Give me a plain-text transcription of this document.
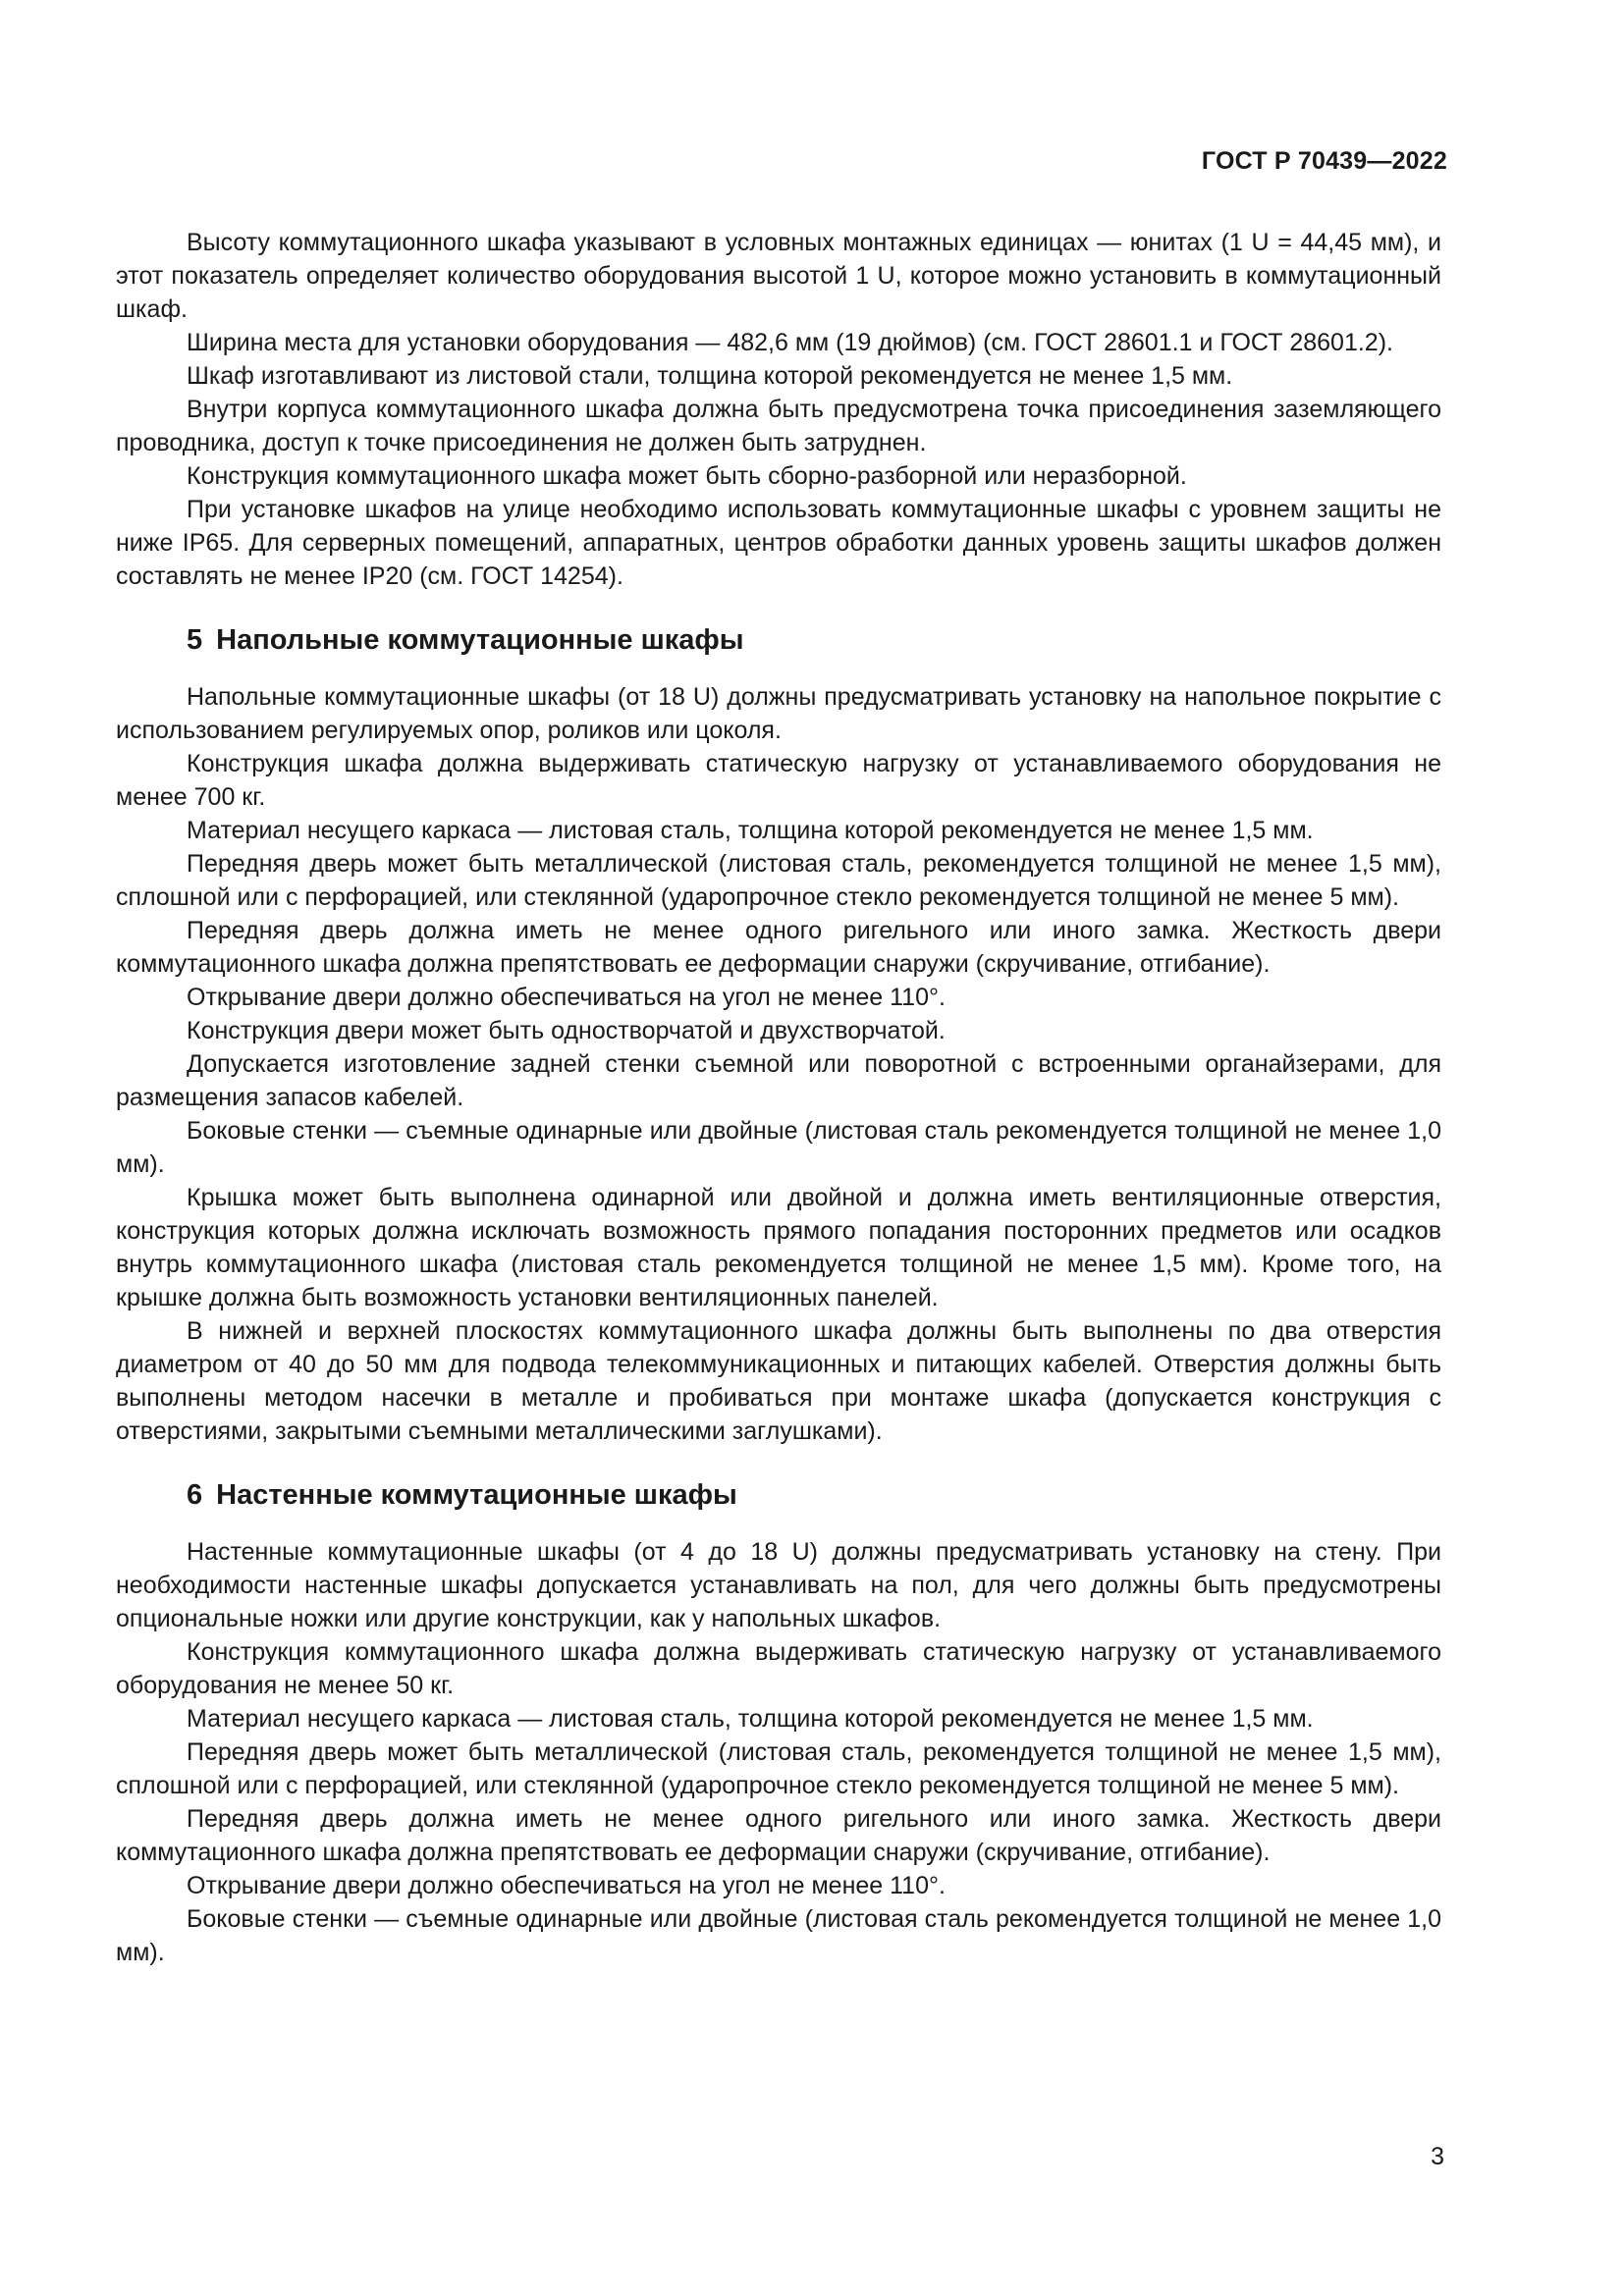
ГОСТ Р 70439—2022

Высоту коммутационного шкафа указывают в условных монтажных единицах — юнитах (1 U = 44,45 мм), и этот показатель определяет количество оборудования высотой 1 U, которое можно установить в коммутационный шкаф.

Ширина места для установки оборудования — 482,6 мм (19 дюймов) (см. ГОСТ 28601.1 и ГОСТ 28601.2).

Шкаф изготавливают из листовой стали, толщина которой рекомендуется не менее 1,5 мм.

Внутри корпуса коммутационного шкафа должна быть предусмотрена точка присоединения заземляющего проводника, доступ к точке присоединения не должен быть затруднен.

Конструкция коммутационного шкафа может быть сборно-разборной или неразборной.

При установке шкафов на улице необходимо использовать коммутационные шкафы с уровнем защиты не ниже IP65. Для серверных помещений, аппаратных, центров обработки данных уровень защиты шкафов должен составлять не менее IP20 (см. ГОСТ 14254).

5 Напольные коммутационные шкафы

Напольные коммутационные шкафы (от 18 U) должны предусматривать установку на напольное покрытие с использованием регулируемых опор, роликов или цоколя.

Конструкция шкафа должна выдерживать статическую нагрузку от устанавливаемого оборудования не менее 700 кг.

Материал несущего каркаса — листовая сталь, толщина которой рекомендуется не менее 1,5 мм.

Передняя дверь может быть металлической (листовая сталь, рекомендуется толщиной не менее 1,5 мм), сплошной или с перфорацией, или стеклянной (ударопрочное стекло рекомендуется толщиной не менее 5 мм).

Передняя дверь должна иметь не менее одного ригельного или иного замка. Жесткость двери коммутационного шкафа должна препятствовать ее деформации снаружи (скручивание, отгибание).

Открывание двери должно обеспечиваться на угол не менее 110°.

Конструкция двери может быть одностворчатой и двухстворчатой.

Допускается изготовление задней стенки съемной или поворотной с встроенными органайзерами, для размещения запасов кабелей.

Боковые стенки — съемные одинарные или двойные (листовая сталь рекомендуется толщиной не менее 1,0 мм).

Крышка может быть выполнена одинарной или двойной и должна иметь вентиляционные отверстия, конструкция которых должна исключать возможность прямого попадания посторонних предметов или осадков внутрь коммутационного шкафа (листовая сталь рекомендуется толщиной не менее 1,5 мм). Кроме того, на крышке должна быть возможность установки вентиляционных панелей.

В нижней и верхней плоскостях коммутационного шкафа должны быть выполнены по два отверстия диаметром от 40 до 50 мм для подвода телекоммуникационных и питающих кабелей. Отверстия должны быть выполнены методом насечки в металле и пробиваться при монтаже шкафа (допускается конструкция с отверстиями, закрытыми съемными металлическими заглушками).

6 Настенные коммутационные шкафы

Настенные коммутационные шкафы (от 4 до 18 U) должны предусматривать установку на стену. При необходимости настенные шкафы допускается устанавливать на пол, для чего должны быть предусмотрены опциональные ножки или другие конструкции, как у напольных шкафов.

Конструкция коммутационного шкафа должна выдерживать статическую нагрузку от устанавливаемого оборудования не менее 50 кг.

Материал несущего каркаса — листовая сталь, толщина которой рекомендуется не менее 1,5 мм.

Передняя дверь может быть металлической (листовая сталь, рекомендуется толщиной не менее 1,5 мм), сплошной или с перфорацией, или стеклянной (ударопрочное стекло рекомендуется толщиной не менее 5 мм).

Передняя дверь должна иметь не менее одного ригельного или иного замка. Жесткость двери коммутационного шкафа должна препятствовать ее деформации снаружи (скручивание, отгибание).

Открывание двери должно обеспечиваться на угол не менее 110°.

Боковые стенки — съемные одинарные или двойные (листовая сталь рекомендуется толщиной не менее 1,0 мм).

3
